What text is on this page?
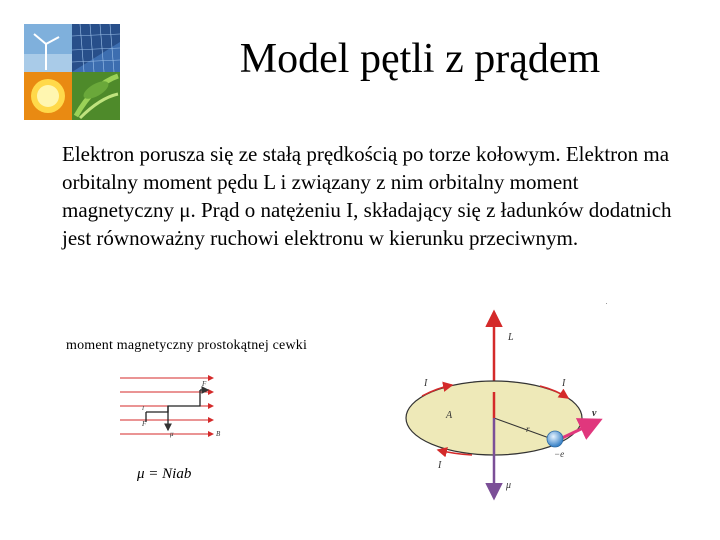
Model pętli z prądem

Elektron porusza się ze stałą prędkością po torze kołowym. Elektron ma orbitalny moment pędu L i związany z nim orbitalny moment magnetyczny μ. Prąd o natężeniu I, składający się z ładunków dodatnich jest równoważny ruchowi elektronu w kierunku przeciwnym.

moment magnetyczny prostokątnej cewki
F
F
μ	B
I
μ = Niab
L
I	I
I
A
r
v
−e
μ
